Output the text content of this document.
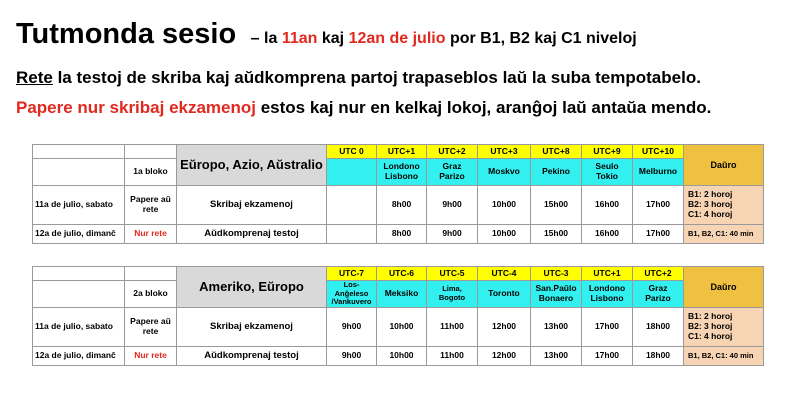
Tutmonda sesio – la 11an kaj 12an de julio por B1, B2 kaj C1 niveloj
Rete la testoj de skriba kaj aŭdkomprena partoj trapaseblos laŭ la suba tempotabelo.
Papere nur skribaj ekzamenoj estos kaj nur en kelkaj lokoj, aranĝoj laŭ antaŭa mendo.
		Eŭropo, Azio, Aŭstralio	UTC 0	UTC+1	UTC+2	UTC+3	UTC+8	UTC+9	UTC+10	Daŭro
	1a bloko			Londono Lisbono	Graz Parizo	Moskvo	Pekino	Seulo Tokio	Melburno	
11a de julio, sabato	Papere aŭ rete	Skribaj ekzamenoj		8h00	9h00	10h00	15h00	16h00	17h00	B1: 2 horoj
B2: 3 horoj
C1: 4 horoj

12a de julio, dimanĉ	Nur rete	Aŭdkomprenaj testoj		8h00	9h00	10h00	15h00	16h00	17h00	B1, B2, C1: 40 min
		Ameriko, Eŭropo	UTC-7	UTC-6	UTC-5	UTC-4	UTC-3	UTC+1	UTC+2	Daŭro
	2a bloko		Los-Anĝeleso /Vankuvero	Meksiko	Lima, Bogoto	Toronto	San.Paŭlo Bonaero	Londono Lisbono	Graz Parizo	
11a de julio, sabato	Papere aŭ rete	Skribaj ekzamenoj	9h00	10h00	11h00	12h00	13h00	17h00	18h00	B1: 2 horoj
B2: 3 horoj
C1: 4 horoj

12a de julio, dimanĉ	Nur rete	Aŭdkomprenaj testoj	9h00	10h00	11h00	12h00	13h00	17h00	18h00	B1, B2, C1: 40 min
